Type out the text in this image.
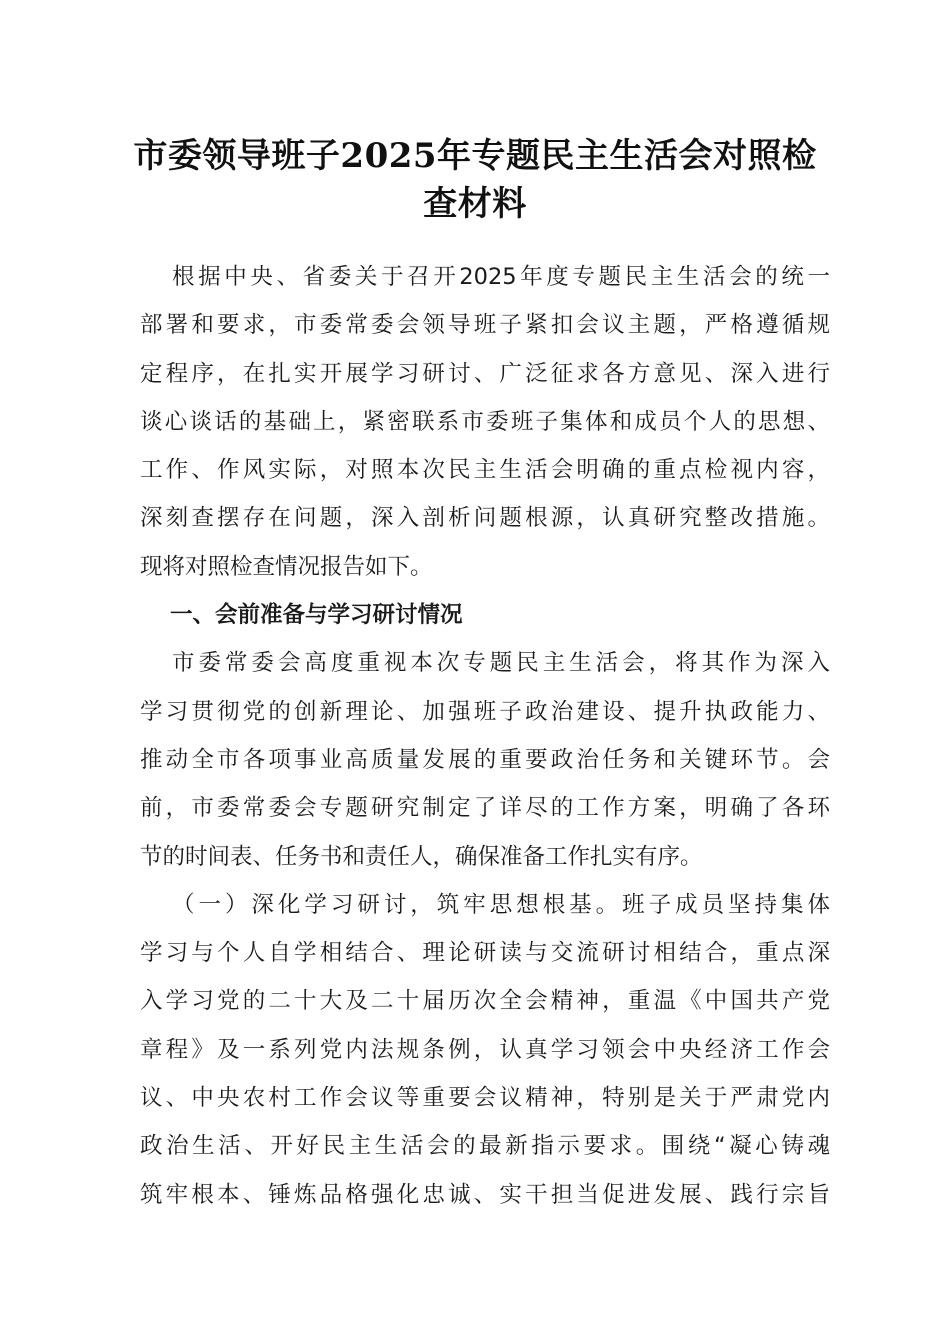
市委领导班子2025年专题民主生活会对照检
查材料
根据中央、省委关于召开2025年度专题民主生活会的统一
部署和要求，市委常委会领导班子紧扣会议主题，严格遵循规
定程序，在扎实开展学习研讨、广泛征求各方意见、深入进行
谈心谈话的基础上，紧密联系市委班子集体和成员个人的思想、
工作、作风实际，对照本次民主生活会明确的重点检视内容，
深刻查摆存在问题，深入剖析问题根源，认真研究整改措施。
现将对照检查情况报告如下。
一、会前准备与学习研讨情况
市委常委会高度重视本次专题民主生活会，将其作为深入
学习贯彻党的创新理论、加强班子政治建设、提升执政能力、
推动全市各项事业高质量发展的重要政治任务和关键环节。会
前，市委常委会专题研究制定了详尽的工作方案，明确了各环
节的时间表、任务书和责任人，确保准备工作扎实有序。
（一）深化学习研讨，筑牢思想根基。班子成员坚持集体
学习与个人自学相结合、理论研读与交流研讨相结合，重点深
入学习党的二十大及二十届历次全会精神，重温《中国共产党
章程》及一系列党内法规条例，认真学习领会中央经济工作会
议、中央农村工作会议等重要会议精神，特别是关于严肃党内
政治生活、开好民主生活会的最新指示要求。围绕“凝心铸魂
筑牢根本、锤炼品格强化忠诚、实干担当促进发展、践行宗旨
